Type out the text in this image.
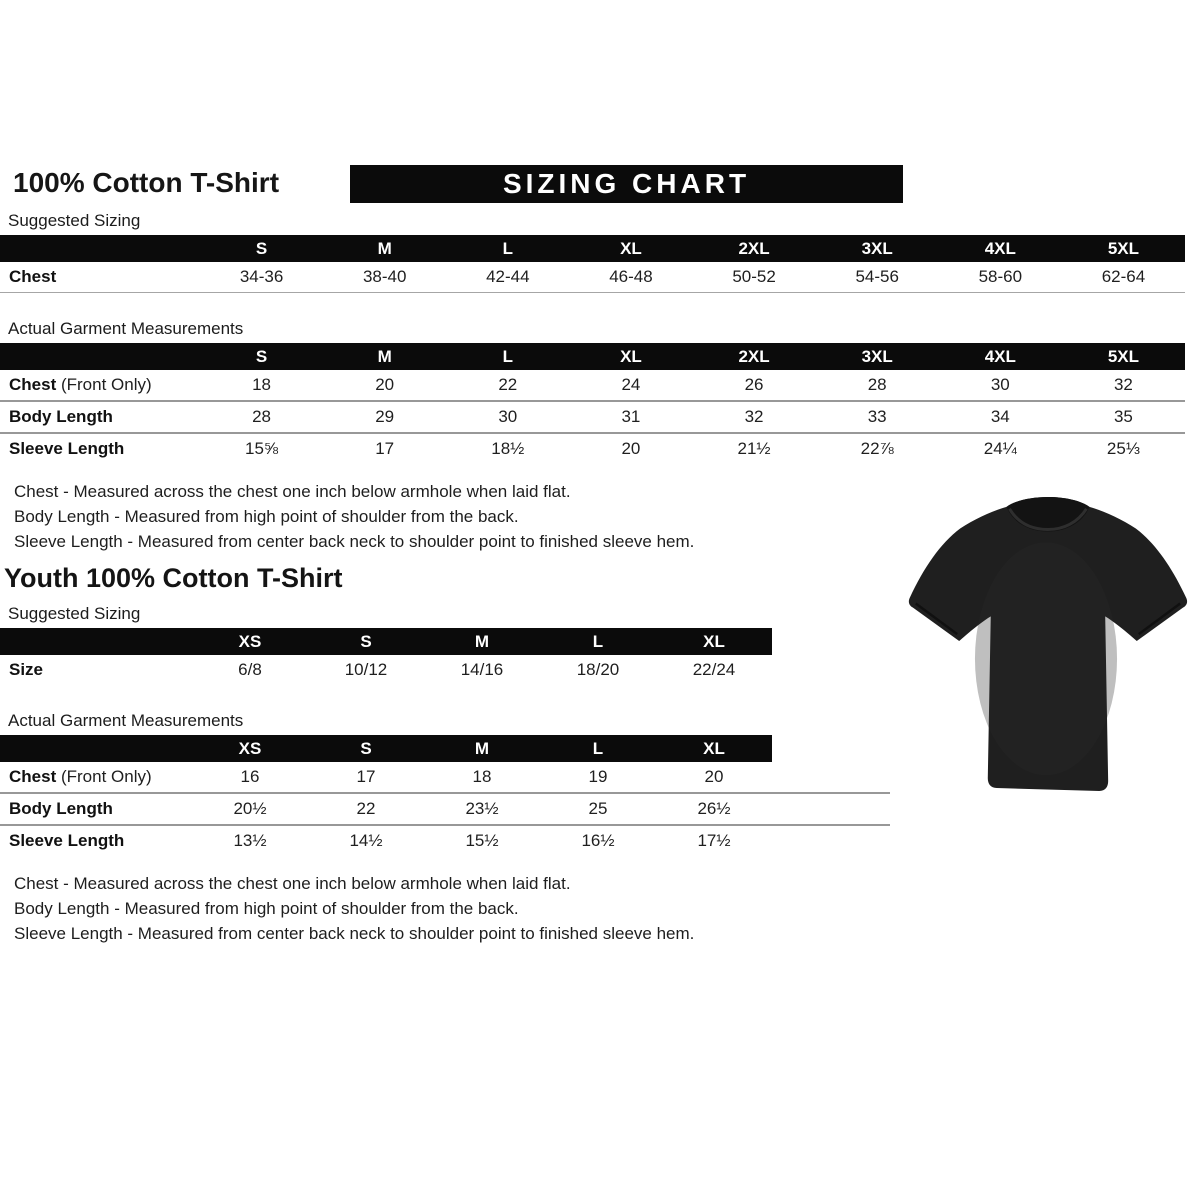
100% Cotton T-Shirt	SIZING CHART
Suggested Sizing
	S	M	L	XL	2XL	3XL	4XL	5XL
Chest	34-36	38-40	42-44	46-48	50-52	54-56	58-60	62-64
Actual Garment Measurements
	S	M	L	XL	2XL	3XL	4XL	5XL
Chest (Front Only)	18	20	22	24	26	28	30	32
Body Length	28	29	30	31	32	33	34	35
Sleeve Length	15⅝	17	18½	20	21½	22⅞	24¼	25⅓
Chest - Measured across the chest one inch below armhole when laid flat.
Body Length - Measured from high point of shoulder from the back.
Sleeve Length - Measured from center back neck to shoulder point to finished sleeve hem.
Youth 100% Cotton T-Shirt
Suggested Sizing
	XS	S	M	L	XL	
Size	6/8	10/12	14/16	18/20	22/24	
Actual Garment Measurements
	XS	S	M	L	XL	
Chest (Front Only)	16	17	18	19	20	
Body Length	20½	22	23½	25	26½	
Sleeve Length	13½	14½	15½	16½	17½	
Chest - Measured across the chest one inch below armhole when laid flat.
Body Length - Measured from high point of shoulder from the back.
Sleeve Length - Measured from center back neck to shoulder point to finished sleeve hem.
